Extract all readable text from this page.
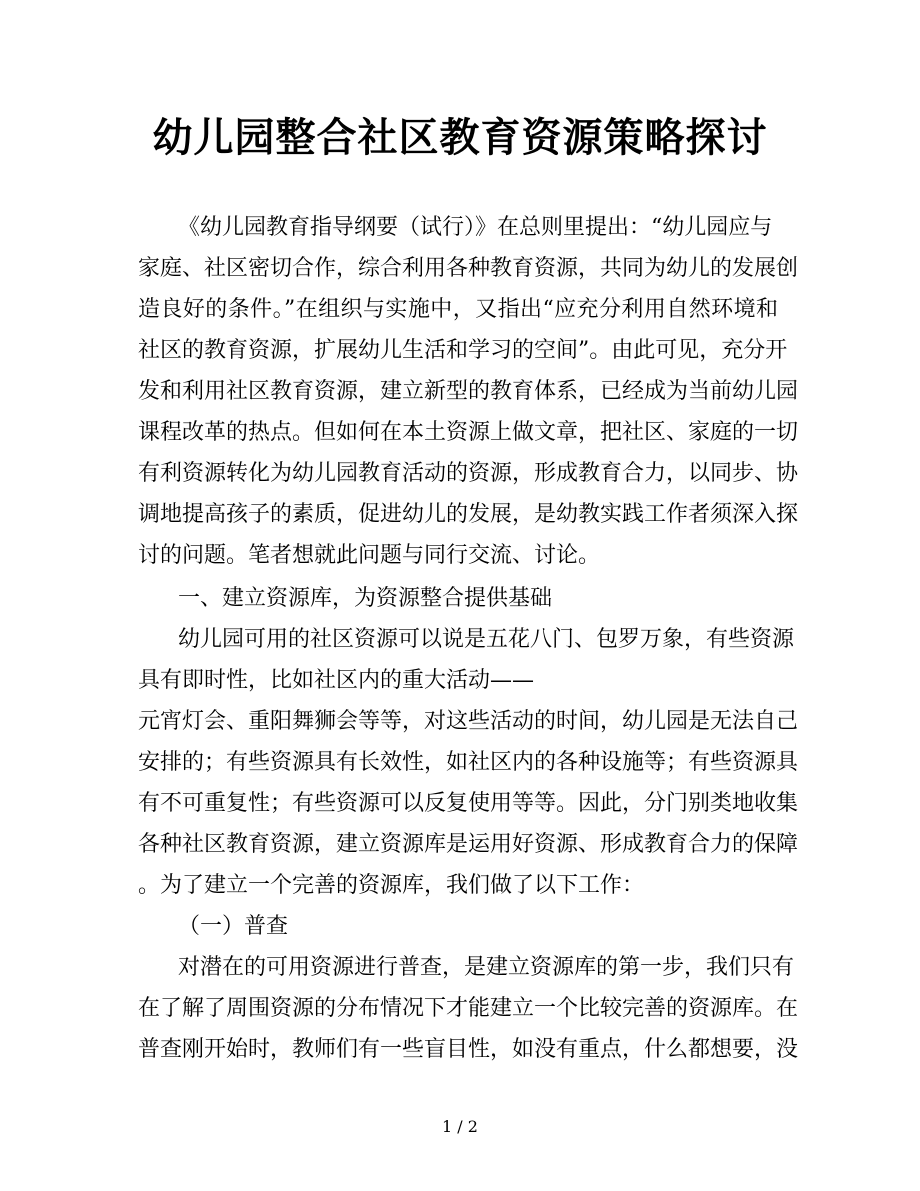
幼儿园整合社区教育资源策略探讨
《幼儿园教育指导纲要（试行）》在总则里提出：“幼儿园应与
家庭、社区密切合作，综合利用各种教育资源，共同为幼儿的发展创
造良好的条件。”在组织与实施中，又指出“应充分利用自然环境和
社区的教育资源，扩展幼儿生活和学习的空间”。由此可见，充分开
发和利用社区教育资源，建立新型的教育体系，已经成为当前幼儿园
课程改革的热点。但如何在本土资源上做文章，把社区、家庭的一切
有利资源转化为幼儿园教育活动的资源，形成教育合力，以同步、协
调地提高孩子的素质，促进幼儿的发展，是幼教实践工作者须深入探
讨的问题。笔者想就此问题与同行交流、讨论。
一、建立资源库，为资源整合提供基础
幼儿园可用的社区资源可以说是五花八门、包罗万象，有些资源
具有即时性，比如社区内的重大活动——
元宵灯会、重阳舞狮会等等，对这些活动的时间，幼儿园是无法自己
安排的；有些资源具有长效性，如社区内的各种设施等；有些资源具
有不可重复性；有些资源可以反复使用等等。因此，分门别类地收集
各种社区教育资源，建立资源库是运用好资源、形成教育合力的保障
。为了建立一个完善的资源库，我们做了以下工作：
（一）普查
对潜在的可用资源进行普查，是建立资源库的第一步，我们只有
在了解了周围资源的分布情况下才能建立一个比较完善的资源库。在
普查刚开始时，教师们有一些盲目性，如没有重点，什么都想要，没
1 / 2
